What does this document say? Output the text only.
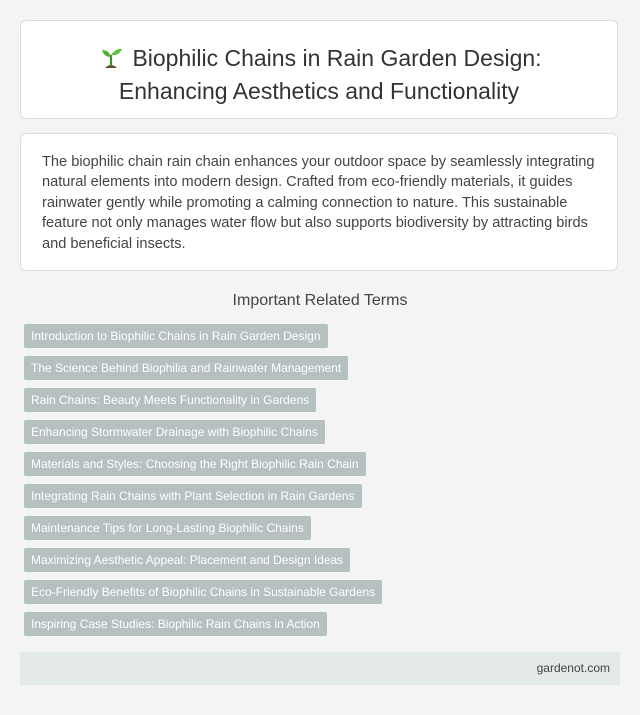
Biophilic Chains in Rain Garden Design:
Enhancing Aesthetics and Functionality

The biophilic chain rain chain enhances your outdoor space by seamlessly integrating natural elements into modern design. Crafted from eco-friendly materials, it guides rainwater gently while promoting a calming connection to nature. This sustainable feature not only manages water flow but also supports biodiversity by attracting birds and beneficial insects.

Important Related Terms
Introduction to Biophilic Chains in Rain Garden Design
The Science Behind Biophilia and Rainwater Management
Rain Chains: Beauty Meets Functionality in Gardens
Enhancing Stormwater Drainage with Biophilic Chains
Materials and Styles: Choosing the Right Biophilic Rain Chain
Integrating Rain Chains with Plant Selection in Rain Gardens
Maintenance Tips for Long-Lasting Biophilic Chains
Maximizing Aesthetic Appeal: Placement and Design Ideas
Eco-Friendly Benefits of Biophilic Chains in Sustainable Gardens
Inspiring Case Studies: Biophilic Rain Chains in Action
gardenot.com
